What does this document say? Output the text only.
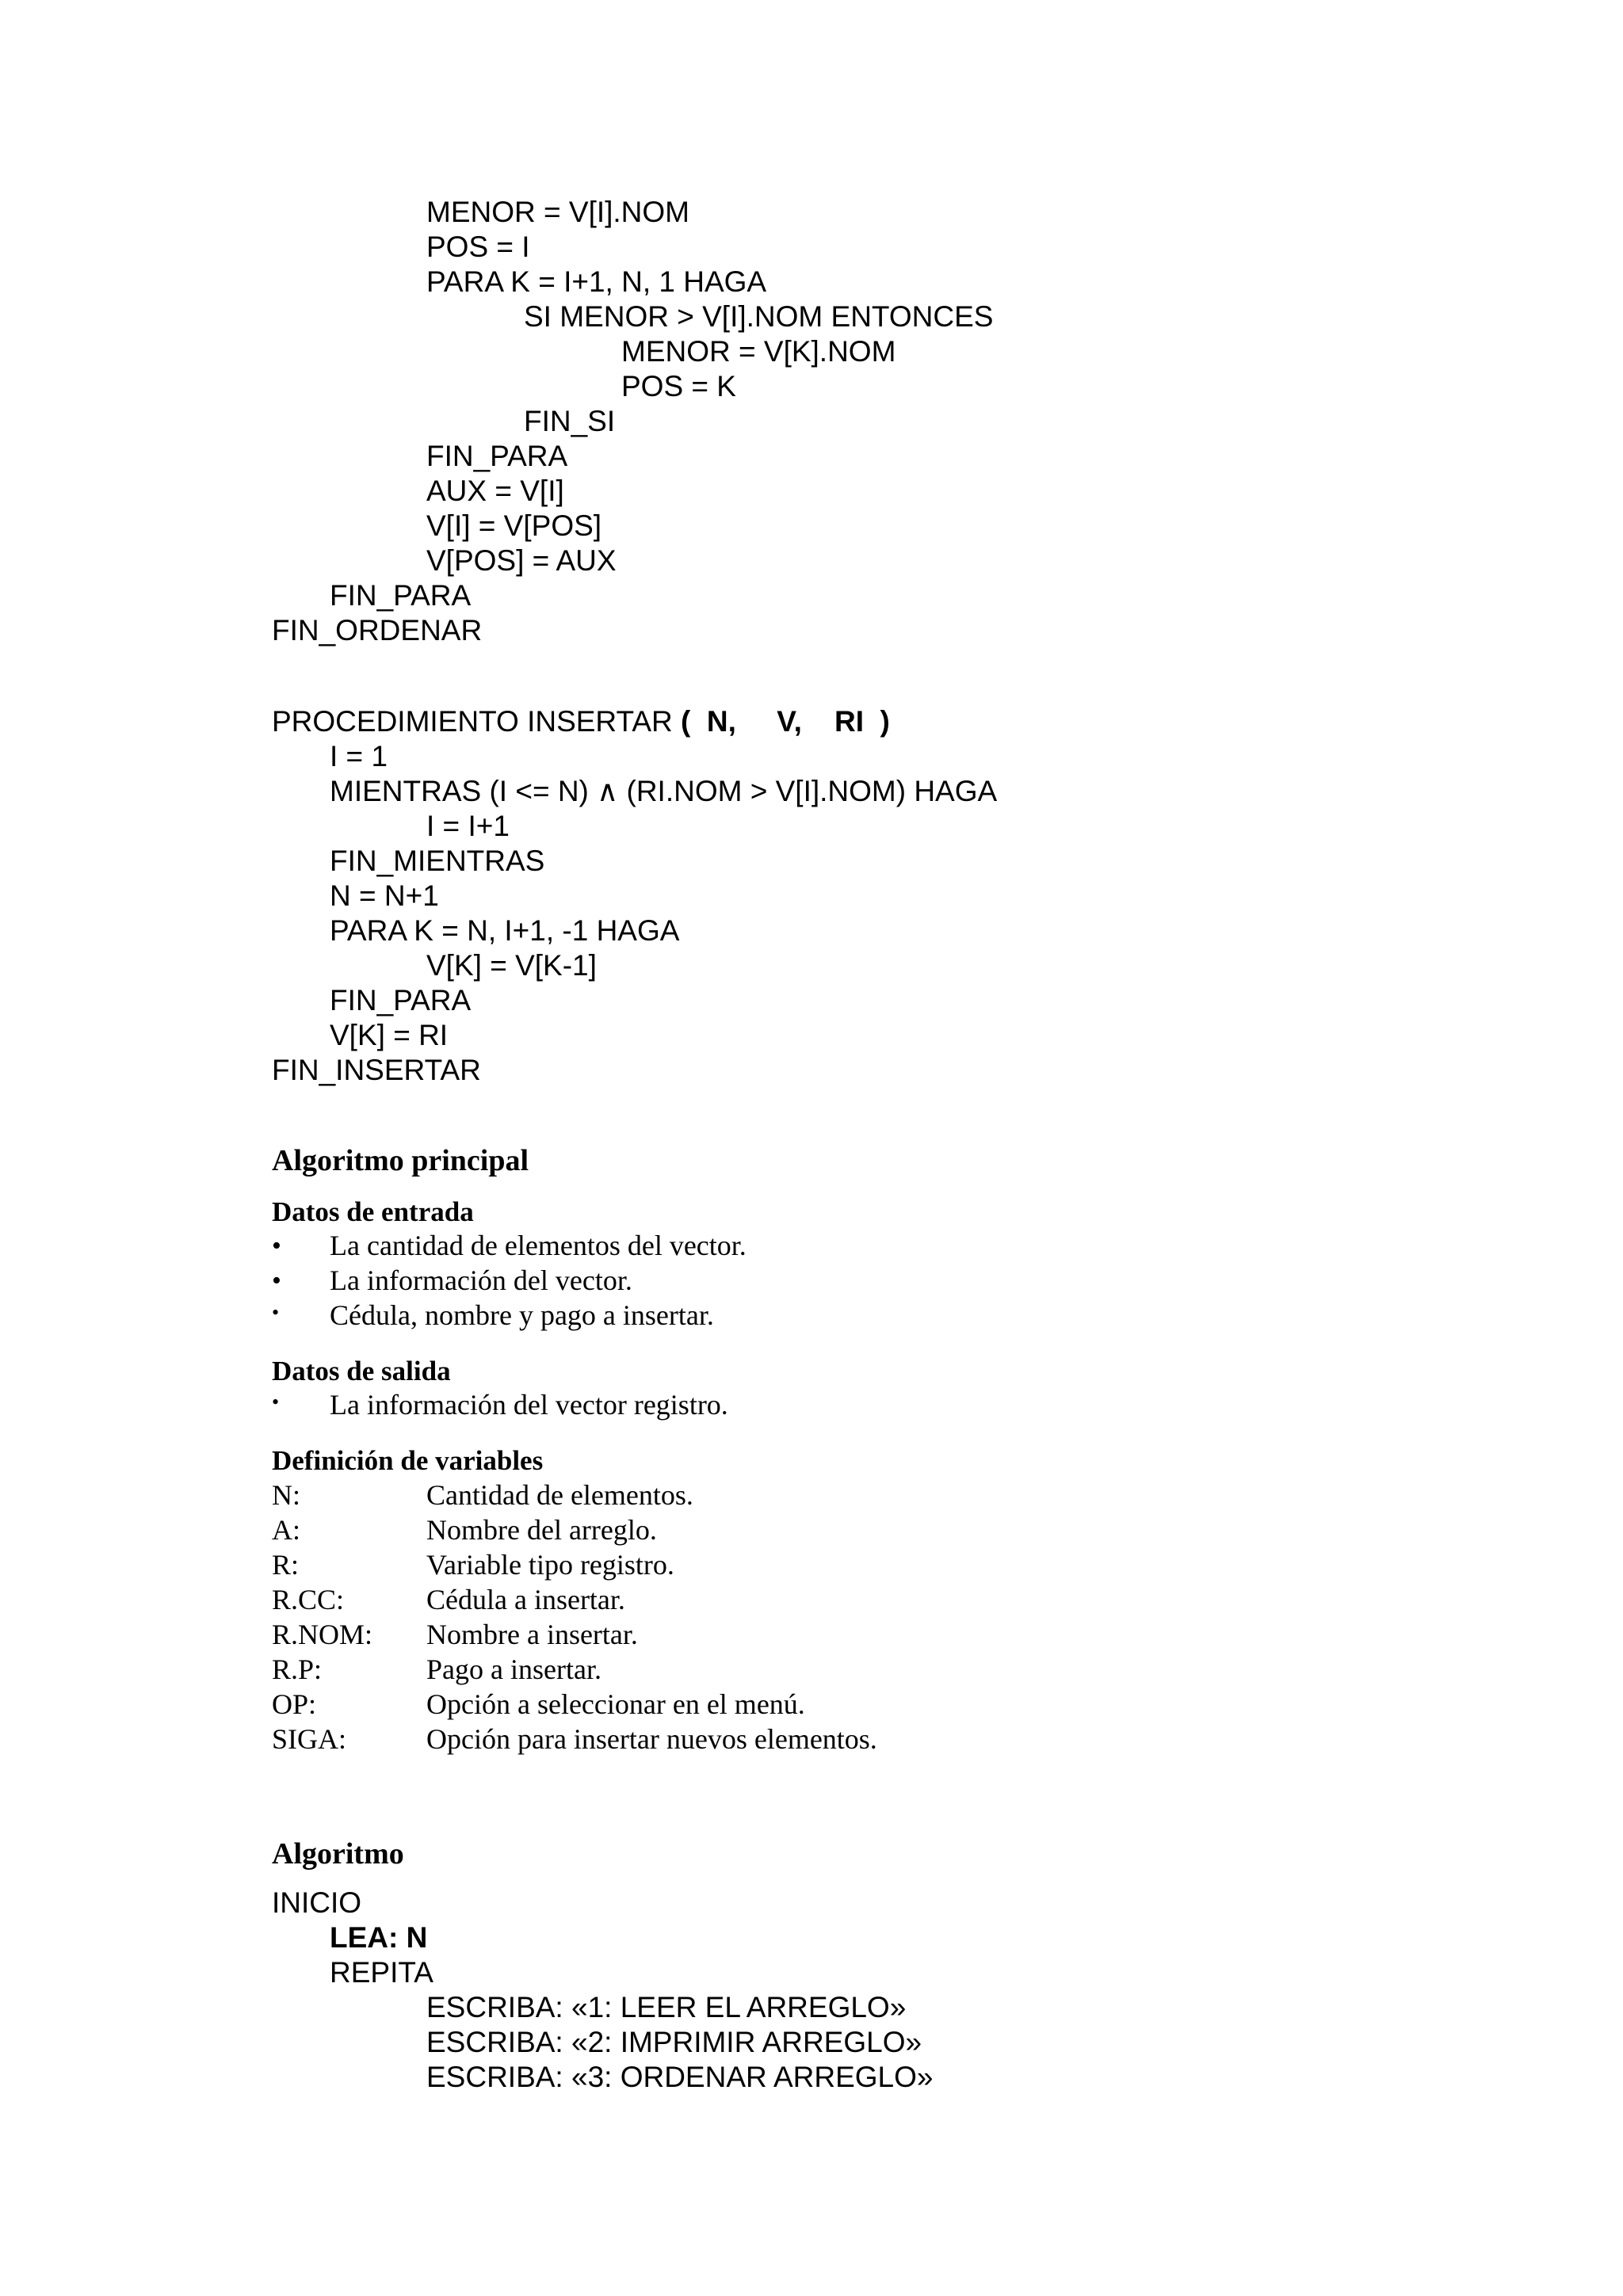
MENOR = V[I].NOM
POS = I
PARA K = I+1, N, 1 HAGA
SI MENOR > V[I].NOM ENTONCES
MENOR = V[K].NOM
POS = K
FIN_SI
FIN_PARA
AUX = V[I]
V[I] = V[POS]
V[POS] = AUX
FIN_PARA
FIN_ORDENAR
PROCEDIMIENTO INSERTAR (  N,     V,    RI  )
I = 1
MIENTRAS (I <= N) ∧ (RI.NOM > V[I].NOM) HAGA
I = I+1
FIN_MIENTRAS
N = N+1
PARA K = N, I+1, -1 HAGA
V[K] = V[K-1]
FIN_PARA
V[K] = RI
FIN_INSERTAR
Algoritmo principal
Datos de entrada
• La cantidad de elementos del vector.
• La información del vector.
• Cédula, nombre y pago a insertar.
Datos de salida
• La información del vector registro.
Definición de variables
N:	Cantidad de elementos.
A:	Nombre del arreglo.
R:	Variable tipo registro.
R.CC:	Cédula a insertar.
R.NOM: Nombre a insertar.
R.P:	Pago a insertar.
OP:	Opción a seleccionar en el menú.
SIGA:	Opción para insertar nuevos elementos.
Algoritmo
INICIO
LEA: N
REPITA
ESCRIBA: «1: LEER EL ARREGLO»
ESCRIBA: «2: IMPRIMIR ARREGLO»
ESCRIBA: «3: ORDENAR ARREGLO»
